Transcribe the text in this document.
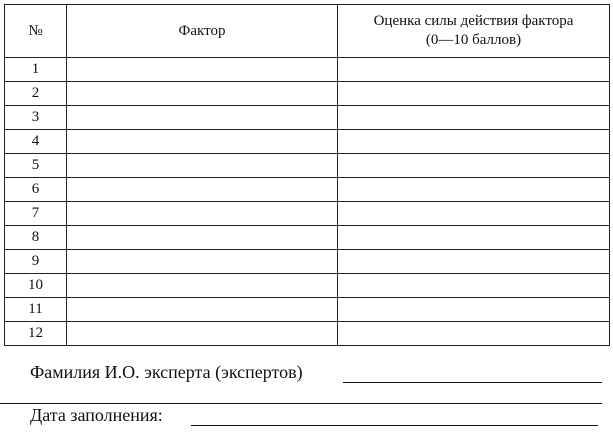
№	Фактор	Оценка силы действия фактора
(0—10 баллов)

1		
2		
3		
4		
5		
6		
7		
8		
9		
10		
11		
12		
Фамилия И.О. эксперта (экспертов)
Дата заполнения:
